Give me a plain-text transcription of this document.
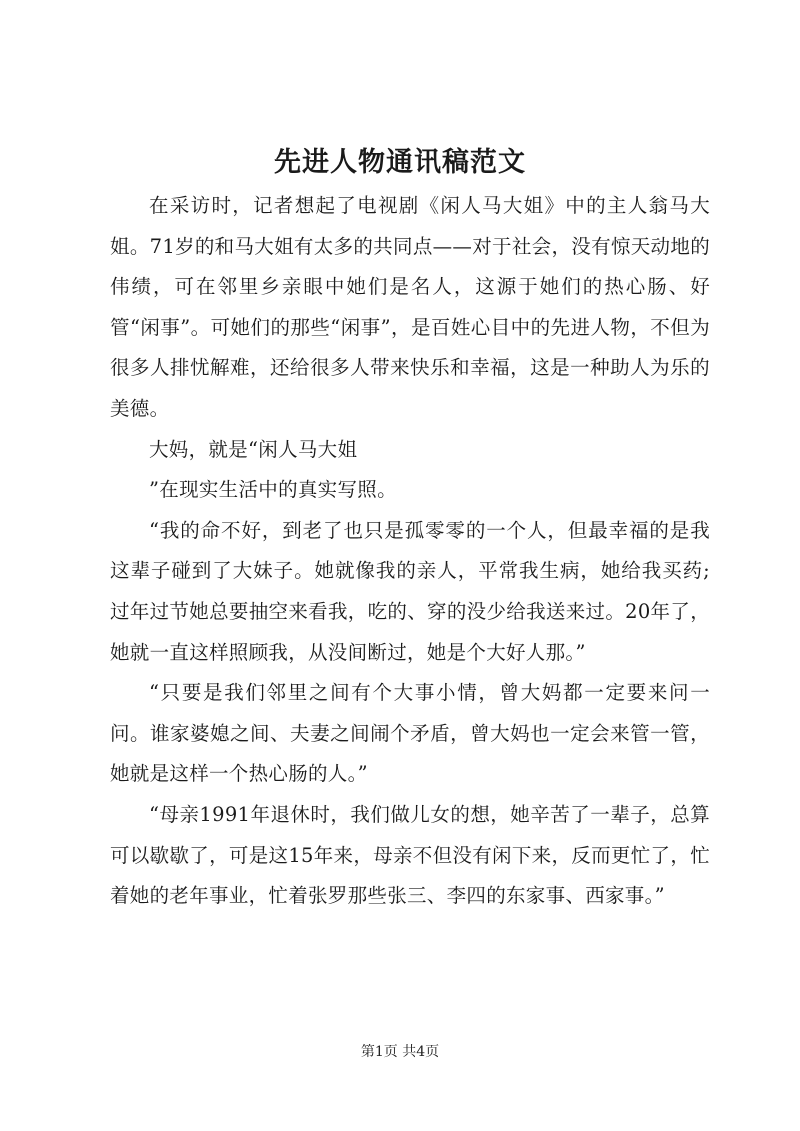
先进人物通讯稿范文

在采访时，记者想起了电视剧《闲人马大姐》中的主人翁马大姐。71岁的和马大姐有太多的共同点——对于社会，没有惊天动地的伟绩，可在邻里乡亲眼中她们是名人，这源于她们的热心肠、好管“闲事”。可她们的那些“闲事”，是百姓心目中的先进人物，不但为很多人排忧解难，还给很多人带来快乐和幸福，这是一种助人为乐的美德。

大妈，就是“闲人马大姐

”在现实生活中的真实写照。

“我的命不好，到老了也只是孤零零的一个人，但最幸福的是我这辈子碰到了大妹子。她就像我的亲人，平常我生病，她给我买药;过年过节她总要抽空来看我，吃的、穿的没少给我送来过。20年了，她就一直这样照顾我，从没间断过，她是个大好人那。”

“只要是我们邻里之间有个大事小情，曾大妈都一定要来问一问。谁家婆媳之间、夫妻之间闹个矛盾，曾大妈也一定会来管一管，她就是这样一个热心肠的人。”

“母亲1991年退休时，我们做儿女的想，她辛苦了一辈子，总算可以歇歇了，可是这15年来，母亲不但没有闲下来，反而更忙了，忙着她的老年事业，忙着张罗那些张三、李四的东家事、西家事。”

第1页 共4页
